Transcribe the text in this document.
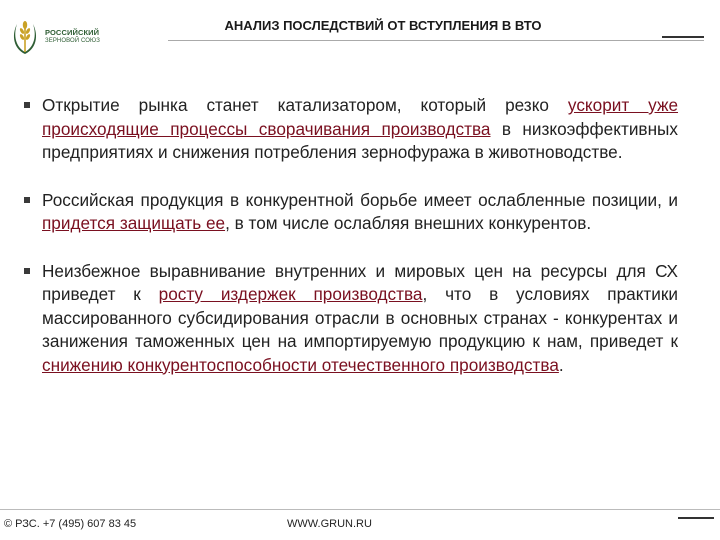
РОССИЙСКИЙ
ЗЕРНОВОЙ СОЮЗ
АНАЛИЗ ПОСЛЕДСТВИЙ ОТ ВСТУПЛЕНИЯ В ВТО
Открытие рынка станет катализатором, который резко ускорит уже происходящие процессы сворачивания производства в низкоэффективных предприятиях и снижения потребления зернофуража в животноводстве.
Российская продукция в конкурентной борьбе имеет ослабленные позиции, и придется защищать ее, в том числе ослабляя внешних конкурентов.
Неизбежное выравнивание внутренних и мировых цен на ресурсы для СХ приведет к росту издержек производства, что в условиях практики массированного субсидирования отрасли в основных странах - конкурентах и занижения таможенных цен на импортируемую продукцию к нам, приведет к снижению конкурентоспособности отечественного производства.
© РЗС. +7 (495) 607 83 45	WWW.GRUN.RU
